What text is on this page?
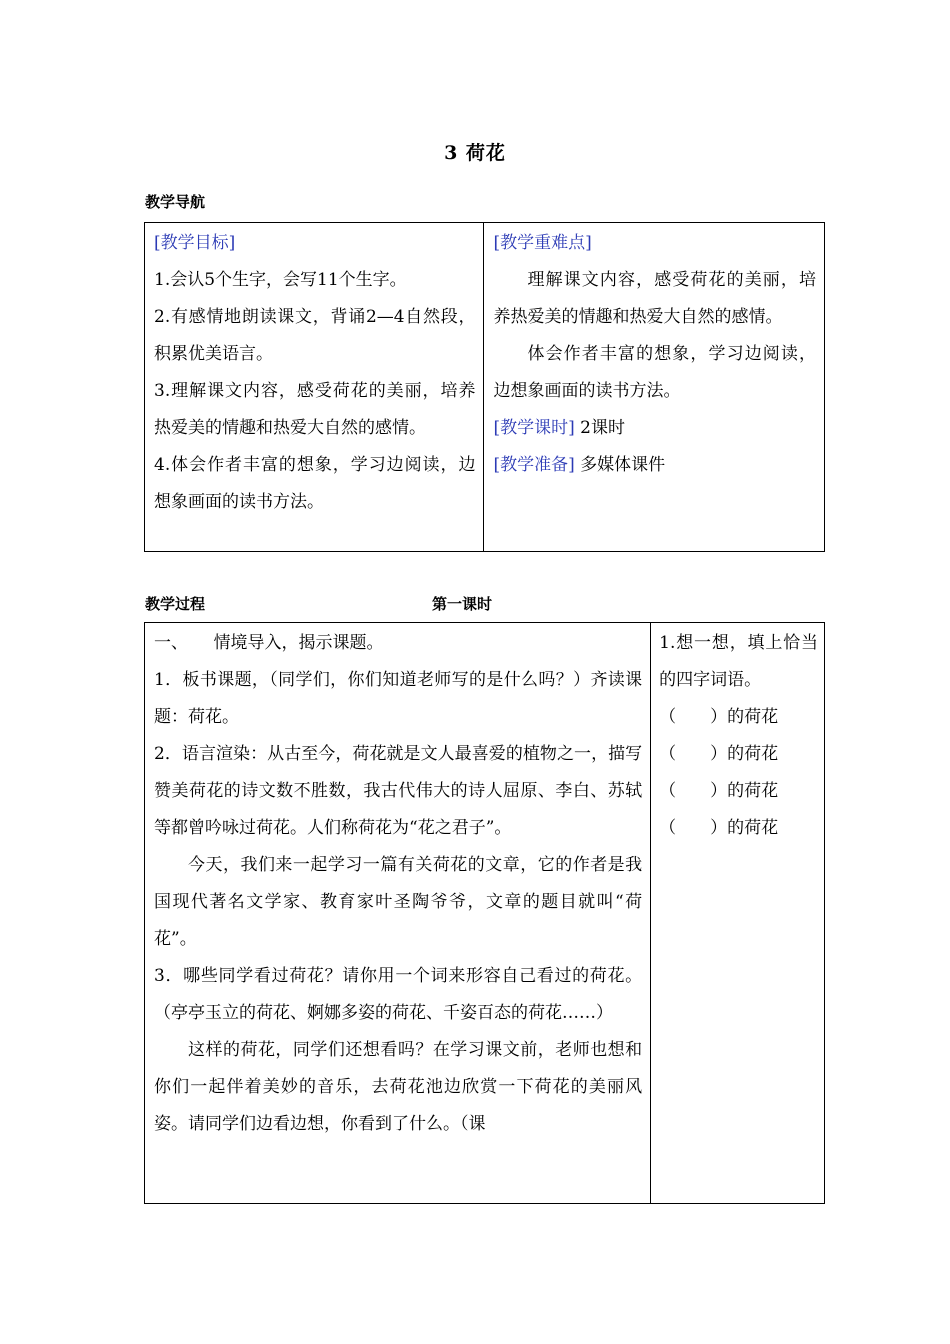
3 荷花
教学导航

[教学目标]

1.会认5个生字，会写11个生字。

2.有感情地朗读课文，背诵2—4自然段，积累优美语言。

3.理解课文内容，感受荷花的美丽，培养热爱美的情趣和热爱大自然的感情。

4.体会作者丰富的想象，学习边阅读，边想象画面的读书方法。

[教学重难点]

理解课文内容，感受荷花的美丽，培养热爱美的情趣和热爱大自然的感情。

体会作者丰富的想象，学习边阅读，边想象画面的读书方法。

[教学课时] 2课时

[教学准备] 多媒体课件

教学过程	第一课时

一、　　情境导入，揭示课题。

1．板书课题，（同学们，你们知道老师写的是什么吗？）齐读课题：荷花。

2．语言渲染：从古至今，荷花就是文人最喜爱的植物之一，描写赞美荷花的诗文数不胜数，我古代伟大的诗人屈原、李白、苏轼等都曾吟咏过荷花。人们称荷花为“花之君子”。

今天，我们来一起学习一篇有关荷花的文章，它的作者是我国现代著名文学家、教育家叶圣陶爷爷，文章的题目就叫“荷花”。

3．哪些同学看过荷花？请你用一个词来形容自己看过的荷花。（亭亭玉立的荷花、婀娜多姿的荷花、千姿百态的荷花……）

这样的荷花，同学们还想看吗？在学习课文前，老师也想和你们一起伴着美妙的音乐，去荷花池边欣赏一下荷花的美丽风姿。请同学们边看边想，你看到了什么。（课

1.想一想，填上恰当的四字词语。

（　　）的荷花

（　　）的荷花

（　　）的荷花

（　　）的荷花
